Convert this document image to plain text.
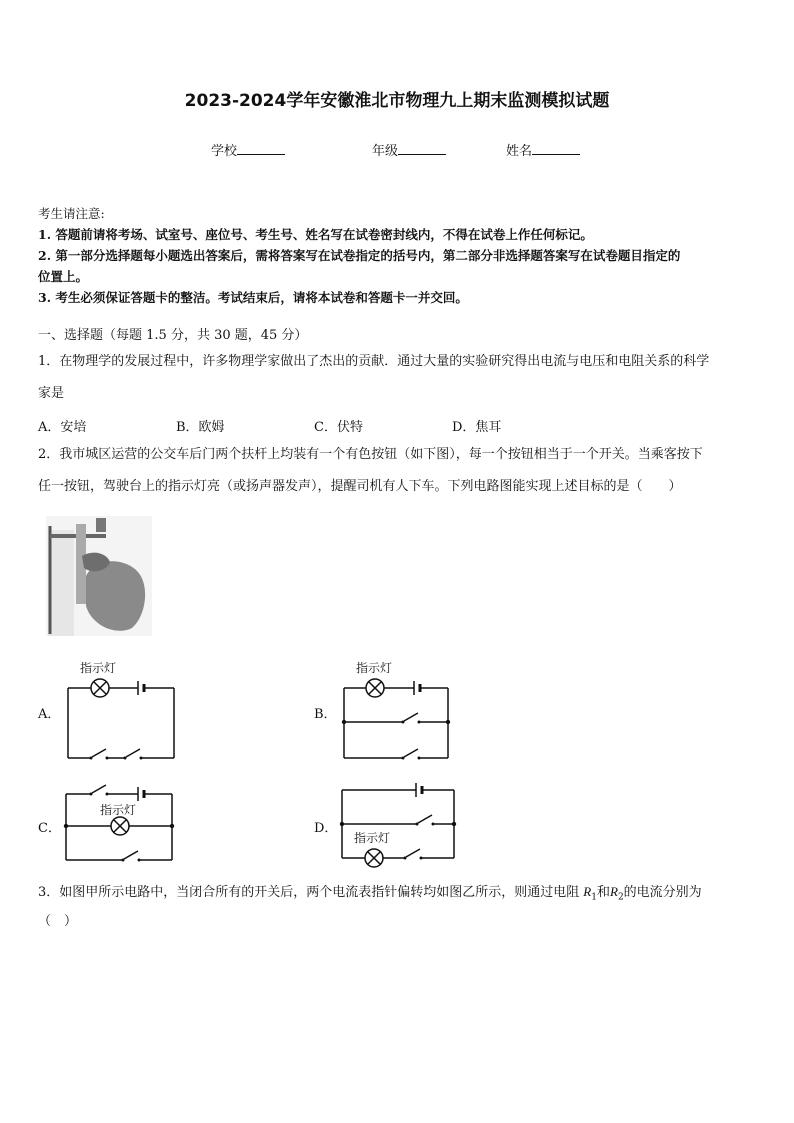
2023-2024学年安徽淮北市物理九上期末监测模拟试题
学校	年级	姓名
考生请注意:
1. 答题前请将考场、试室号、座位号、考生号、姓名写在试卷密封线内，不得在试卷上作任何标记。
2. 第一部分选择题每小题选出答案后，需将答案写在试卷指定的括号内，第二部分非选择题答案写在试卷题目指定的
位置上。
3. 考生必须保证答题卡的整洁。考试结束后，请将本试卷和答题卡一并交回。
一、选择题（每题 1.5 分，共 30 题，45 分）
1．在物理学的发展过程中，许多物理学家做出了杰出的贡献．通过大量的实验研究得出电流与电压和电阻关系的科学
家是
A．安培	B．欧姆	C．伏特	D．焦耳
2．我市城区运营的公交车后门两个扶杆上均装有一个有色按钮（如下图），每一个按钮相当于一个开关。当乘客按下
任一按钮，驾驶台上的指示灯亮（或扬声器发声），提醒司机有人下车。下列电路图能实现上述目标的是（　　）
A．	B．
C．	D．
指示灯	指示灯
指示灯
指示灯
3．如图甲所示电路中，当闭合所有的开关后，两个电流表指针偏转均如图乙所示，则通过电阻 $R_1$和$R_2$的电流分别为
（　）
